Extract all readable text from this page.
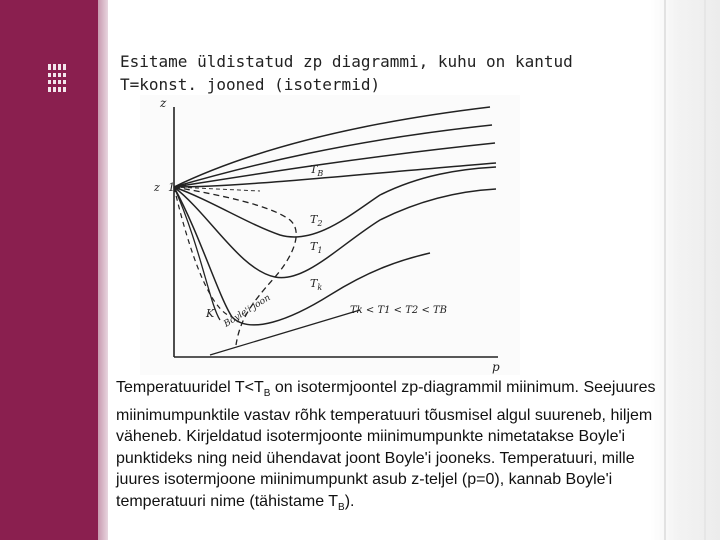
Esitame üldistatud zp diagrammi, kuhu on kantud
T=konst. jooned (isotermid)
z
p
z 1
$T_B$
$T_2$
$T_1$
$T_k$
K Boyle'i joon	Tk < T1 < T2 < TB
Temperatuuridel $T<T_B$ on isotermjoontel zp-diagrammil miinimum. Seejuures miinimumpunktile vastav rõhk temperatuuri tõusmisel algul suureneb, hiljem väheneb. Kirjeldatud isotermjoonte miinimumpunkte nimetatakse Boyle'i punktideks ning neid ühendavat joont Boyle'i jooneks. Temperatuuri, mille juures isotermjoone miinimumpunkt asub z-teljel (p=0), kannab Boyle'i temperatuuri nime (tähistame $T_B$).
